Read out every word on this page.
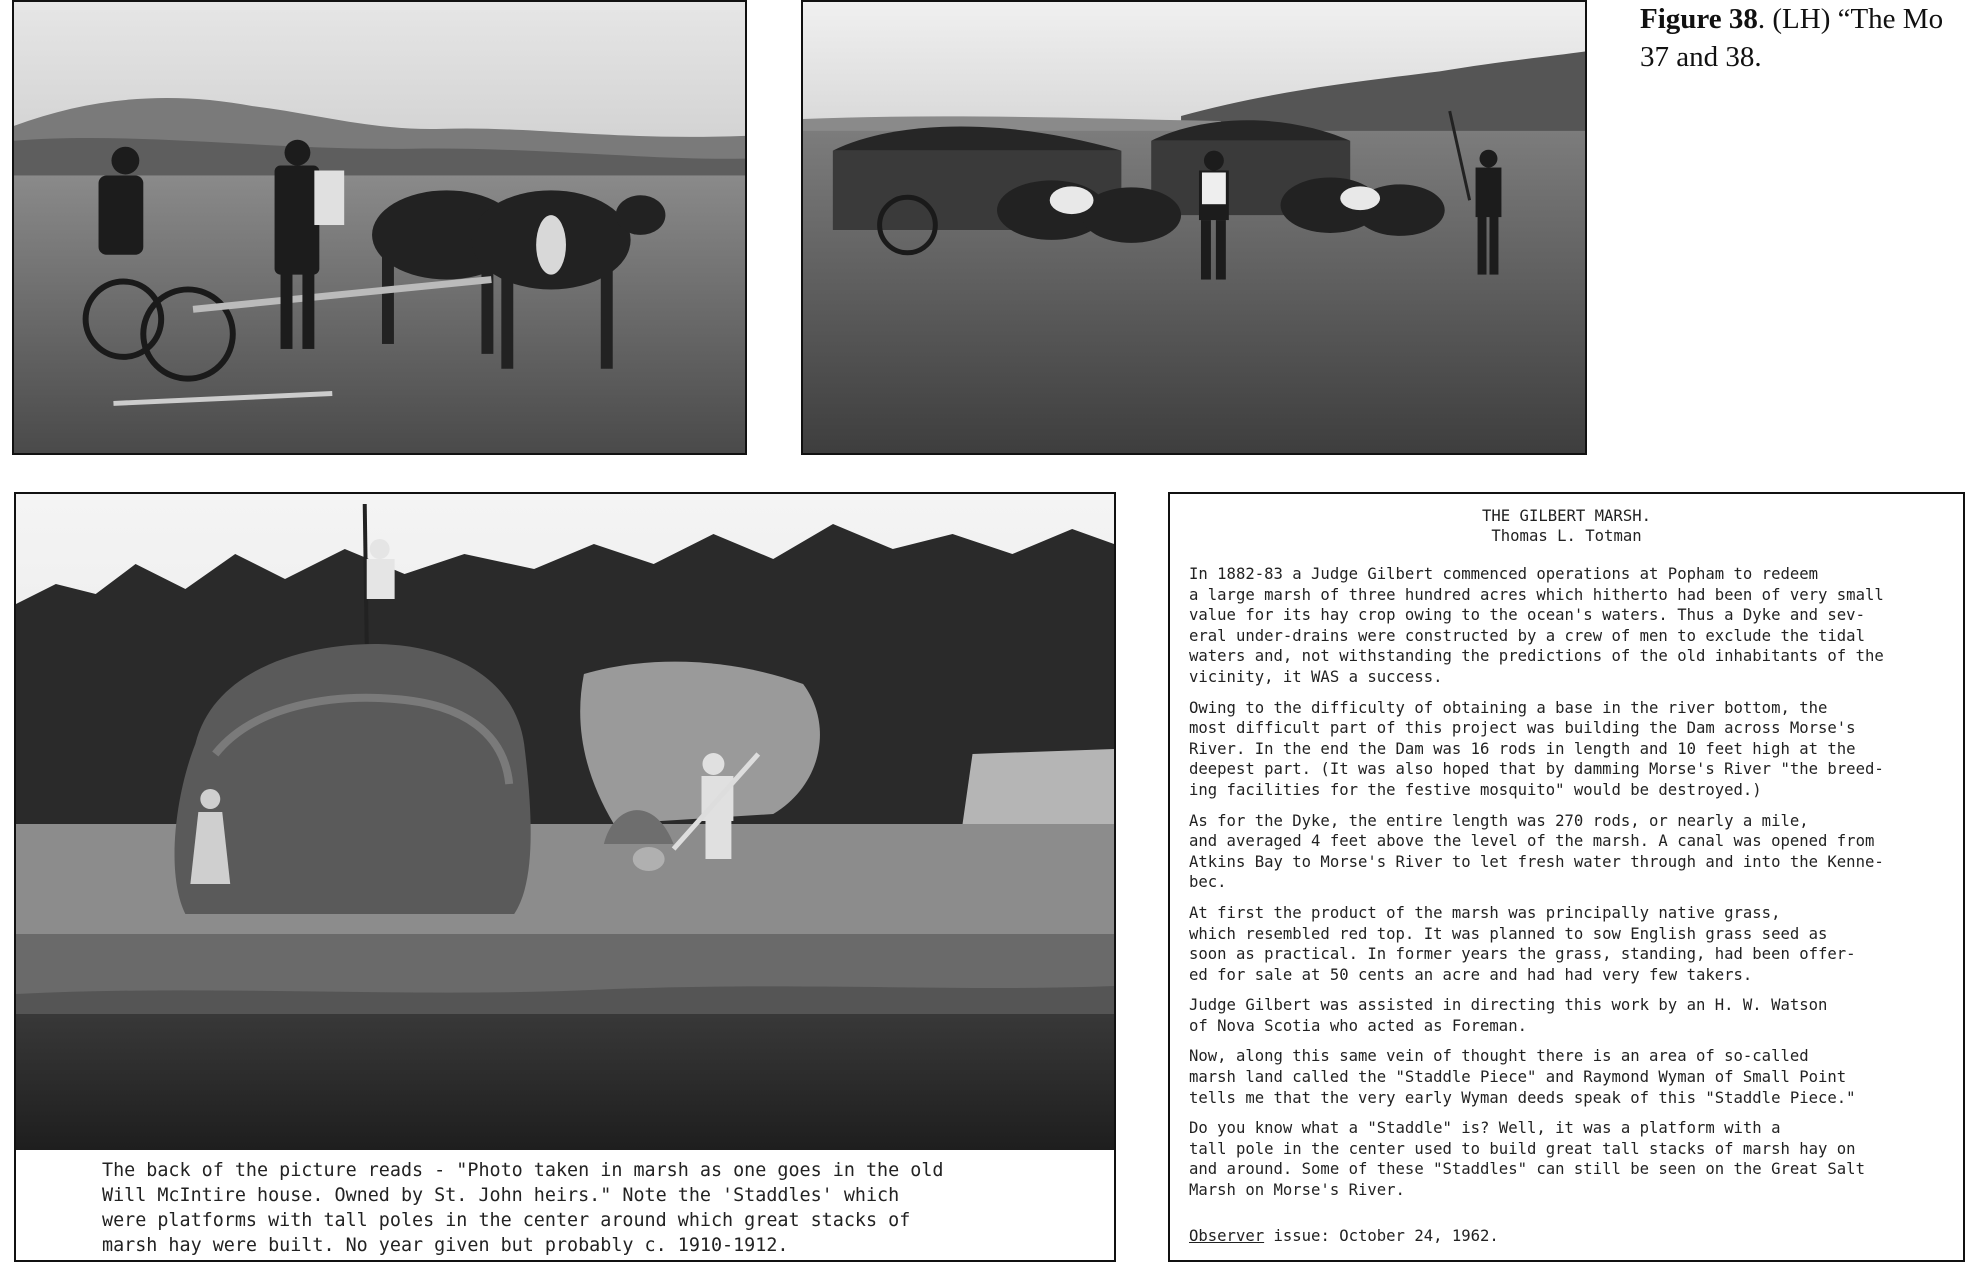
The back of the picture reads - "Photo taken in marsh as one goes in the old
Will McIntire house. Owned by St. John heirs." Note the 'Staddles' which
were platforms with tall poles in the center around which great stacks of
marsh hay were built. No year given but probably c. 1910-1912.

Figure 38. (LH) “The Mo
37 and 38.
THE GILBERT MARSH.
Thomas L. Totman

In 1882-83 a Judge Gilbert commenced operations at Popham to redeem
a large marsh of three hundred acres which hitherto had been of very small
value for its hay crop owing to the ocean's waters. Thus a Dyke and sev-
eral under-drains were constructed by a crew of men to exclude the tidal
waters and, not withstanding the predictions of the old inhabitants of the
vicinity, it WAS a success.

Owing to the difficulty of obtaining a base in the river bottom, the
most difficult part of this project was building the Dam across Morse's
River. In the end the Dam was 16 rods in length and 10 feet high at the
deepest part. (It was also hoped that by damming Morse's River "the breed-
ing facilities for the festive mosquito" would be destroyed.)

As for the Dyke, the entire length was 270 rods, or nearly a mile,
and averaged 4 feet above the level of the marsh. A canal was opened from
Atkins Bay to Morse's River to let fresh water through and into the Kenne-
bec.

At first the product of the marsh was principally native grass,
which resembled red top. It was planned to sow English grass seed as
soon as practical. In former years the grass, standing, had been offer-
ed for sale at 50 cents an acre and had had very few takers.

Judge Gilbert was assisted in directing this work by an H. W. Watson
of Nova Scotia who acted as Foreman.

Now, along this same vein of thought there is an area of so-called
marsh land called the "Staddle Piece" and Raymond Wyman of Small Point
tells me that the very early Wyman deeds speak of this "Staddle Piece."

Do you know what a "Staddle" is? Well, it was a platform with a
tall pole in the center used to build great tall stacks of marsh hay on
and around. Some of these "Staddles" can still be seen on the Great Salt
Marsh on Morse's River.

Observer issue: October 24, 1962.
